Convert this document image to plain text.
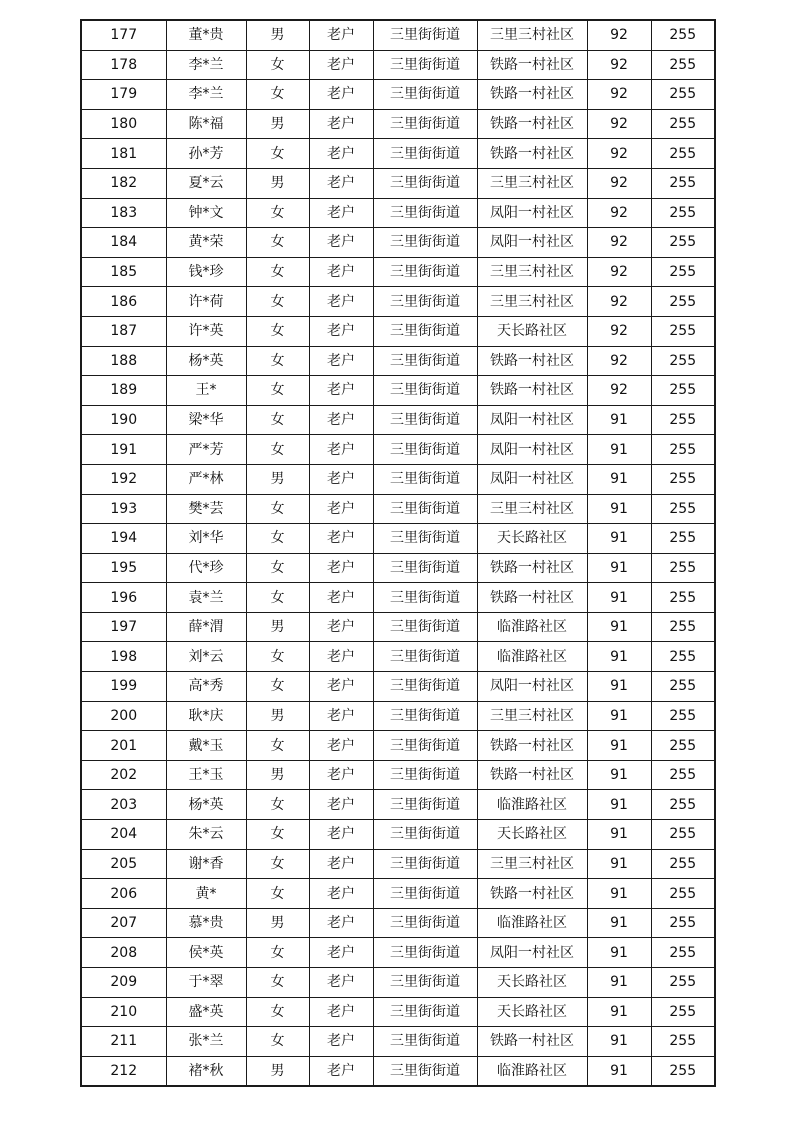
177	董*贵	男	老户	三里街街道	三里三村社区	92	255
178	李*兰	女	老户	三里街街道	铁路一村社区	92	255
179	李*兰	女	老户	三里街街道	铁路一村社区	92	255
180	陈*福	男	老户	三里街街道	铁路一村社区	92	255
181	孙*芳	女	老户	三里街街道	铁路一村社区	92	255
182	夏*云	男	老户	三里街街道	三里三村社区	92	255
183	钟*文	女	老户	三里街街道	凤阳一村社区	92	255
184	黄*荣	女	老户	三里街街道	凤阳一村社区	92	255
185	钱*珍	女	老户	三里街街道	三里三村社区	92	255
186	许*荷	女	老户	三里街街道	三里三村社区	92	255
187	许*英	女	老户	三里街街道	天长路社区	92	255
188	杨*英	女	老户	三里街街道	铁路一村社区	92	255
189	王*	女	老户	三里街街道	铁路一村社区	92	255
190	梁*华	女	老户	三里街街道	凤阳一村社区	91	255
191	严*芳	女	老户	三里街街道	凤阳一村社区	91	255
192	严*林	男	老户	三里街街道	凤阳一村社区	91	255
193	樊*芸	女	老户	三里街街道	三里三村社区	91	255
194	刘*华	女	老户	三里街街道	天长路社区	91	255
195	代*珍	女	老户	三里街街道	铁路一村社区	91	255
196	袁*兰	女	老户	三里街街道	铁路一村社区	91	255
197	薛*渭	男	老户	三里街街道	临淮路社区	91	255
198	刘*云	女	老户	三里街街道	临淮路社区	91	255
199	高*秀	女	老户	三里街街道	凤阳一村社区	91	255
200	耿*庆	男	老户	三里街街道	三里三村社区	91	255
201	戴*玉	女	老户	三里街街道	铁路一村社区	91	255
202	王*玉	男	老户	三里街街道	铁路一村社区	91	255
203	杨*英	女	老户	三里街街道	临淮路社区	91	255
204	朱*云	女	老户	三里街街道	天长路社区	91	255
205	谢*香	女	老户	三里街街道	三里三村社区	91	255
206	黄*	女	老户	三里街街道	铁路一村社区	91	255
207	慕*贵	男	老户	三里街街道	临淮路社区	91	255
208	侯*英	女	老户	三里街街道	凤阳一村社区	91	255
209	于*翠	女	老户	三里街街道	天长路社区	91	255
210	盛*英	女	老户	三里街街道	天长路社区	91	255
211	张*兰	女	老户	三里街街道	铁路一村社区	91	255
212	褚*秋	男	老户	三里街街道	临淮路社区	91	255
